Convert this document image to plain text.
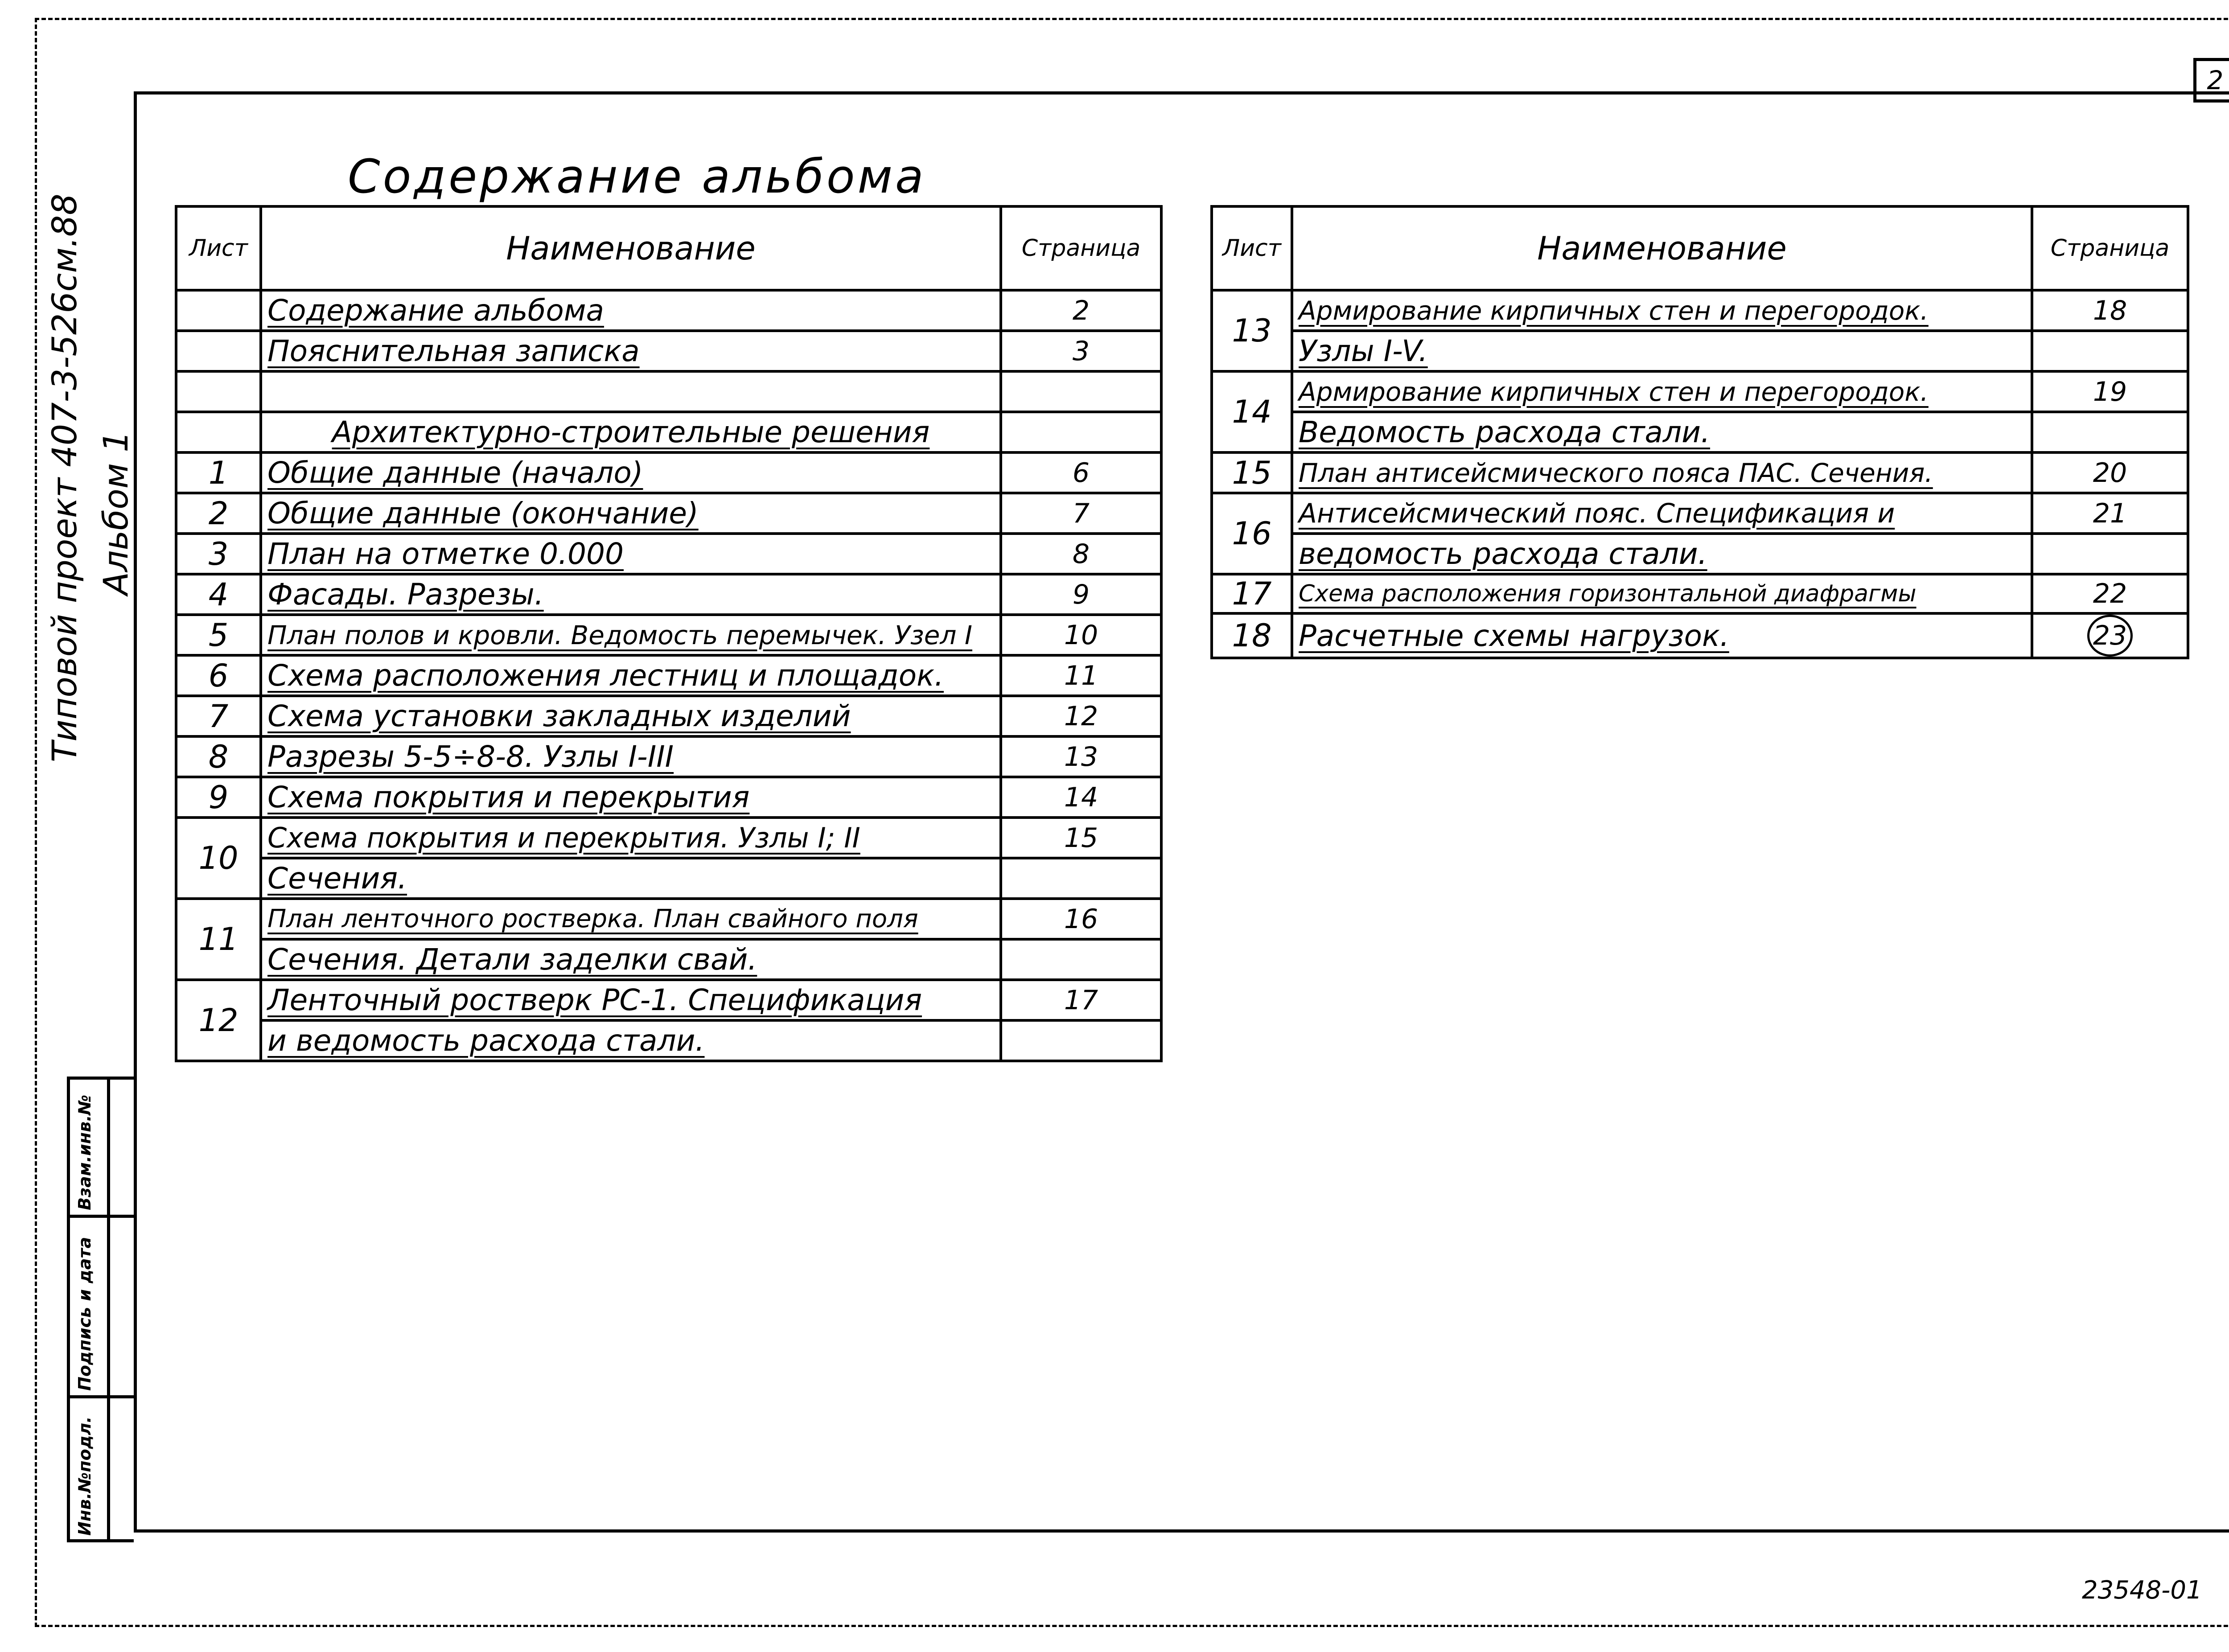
2
Содержание альбома
Типовой проект 407-3-526см.88 Альбом 1
Инв.№подл.
Подпись и дата
Взам.инв.№
Лист	Наименование	Страница
	Содержание альбома	2
	Пояснительная записка	3

	Архитектурно-строительные решения	
1	Общие данные (начало)	6
2	Общие данные (окончание)	7
3	План на отметке 0.000	8
4	Фасады. Разрезы.	9
5	План полов и кровли. Ведомость перемычек. Узел I	10
6	Схема расположения лестниц и площадок.	11
7	Схема установки закладных изделий	12
8	Разрезы 5-5÷8-8. Узлы I-III	13
9	Схема покрытия и перекрытия	14
10	Схема покрытия и перекрытия. Узлы I; II	15
	Сечения.	
11	План ленточного ростверка. План свайного поля	16
	Сечения. Детали заделки свай.	
12	Ленточный ростверк РС-1. Спецификация	17
	и ведомость расхода стали.	
Лист	Наименование	Страница
13	Армирование кирпичных стен и перегородок.	18
	Узлы I-V.	
14	Армирование кирпичных стен и перегородок.	19
	Ведомость расхода стали.	
15	План антисейсмического пояса ПАС. Сечения.	20
16	Антисейсмический пояс. Спецификация и	21
	ведомость расхода стали.	
17	Схема расположения горизонтальной диафрагмы	22
18	Расчетные схемы нагрузок.	23
23548-01
